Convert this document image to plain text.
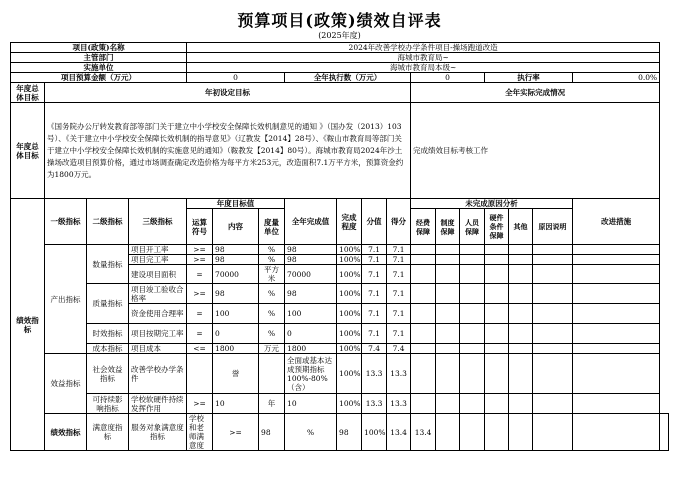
预算项目(政策)绩效自评表
(2025年度)
项目(政策)名称				2024年改善学校办学条件项目-操场跑道改造														
主管部门				海城市教育局~														
实施单位				海城市教育局本级~														
项目预算金额（万元）				0			全年执行数（万元）				0			执行率			0.0%	
年度总体目标	年初设定目标										全年实际完成情况							
年度总体目标	《国务院办公厅转发教育部等部门关于建立中小学校安全保障长效机制意见的通知 》（国办发（2013）103号）、《关于建立中小学校安全保障长效机制的指导意见》（辽教发【2014】28号）、《鞍山市教育局等部门关于建立中小学校安全保障长效机制的实施意见的通知》（鞍教发【2014】80号）。海城市教育局2024年沙土操场改造项目预算价格，通过市场调查确定改造价格为每平方米253元，改造面积7.1万平方米，预算资金约为1800万元。										完成绩效目标考核工作							
绩效指标	一级指标	二级指标	三级指标	年度目标值			全年完成值	完成程度	分值	得分	未完成原因分析						改进措施	
				运算符号	内容	度量单位					经费保障	制度保障	人员保障	硬件条件保障	其他	原因说明		
	产出指标	数量指标	项目开工率	>=	98	%	98	100%	7.1	7.1								
			项目完工率	>=	98	%	98	100%	7.1	7.1								
			建设项目面积	=	70000	平方米	70000	100%	7.1	7.1								
		质量指标	项目竣工验收合格率	>=	98	%	98	100%	7.1	7.1								
			资金使用合理率	=	100	%	100	100%	7.1	7.1								
		时效指标	项目按期完工率	=	0	%	0	100%	7.1	7.1								
		成本指标	项目成本	<=	1800	万元	1800	100%	7.4	7.4								
	效益指标	社会效益指标	改善学校办学条件		誉		全面或基本达成预期指标100%-80%（含）	100%	13.3	13.3								
		可持续影响指标	学校软硬件持续发挥作用	>=	10	年	10	100%	13.3	13.3								
	绩效指标	满意度指标	服务对象满意度指标	学校和老师满意度	>=	98	%	98	100%	13.4	13.4							
